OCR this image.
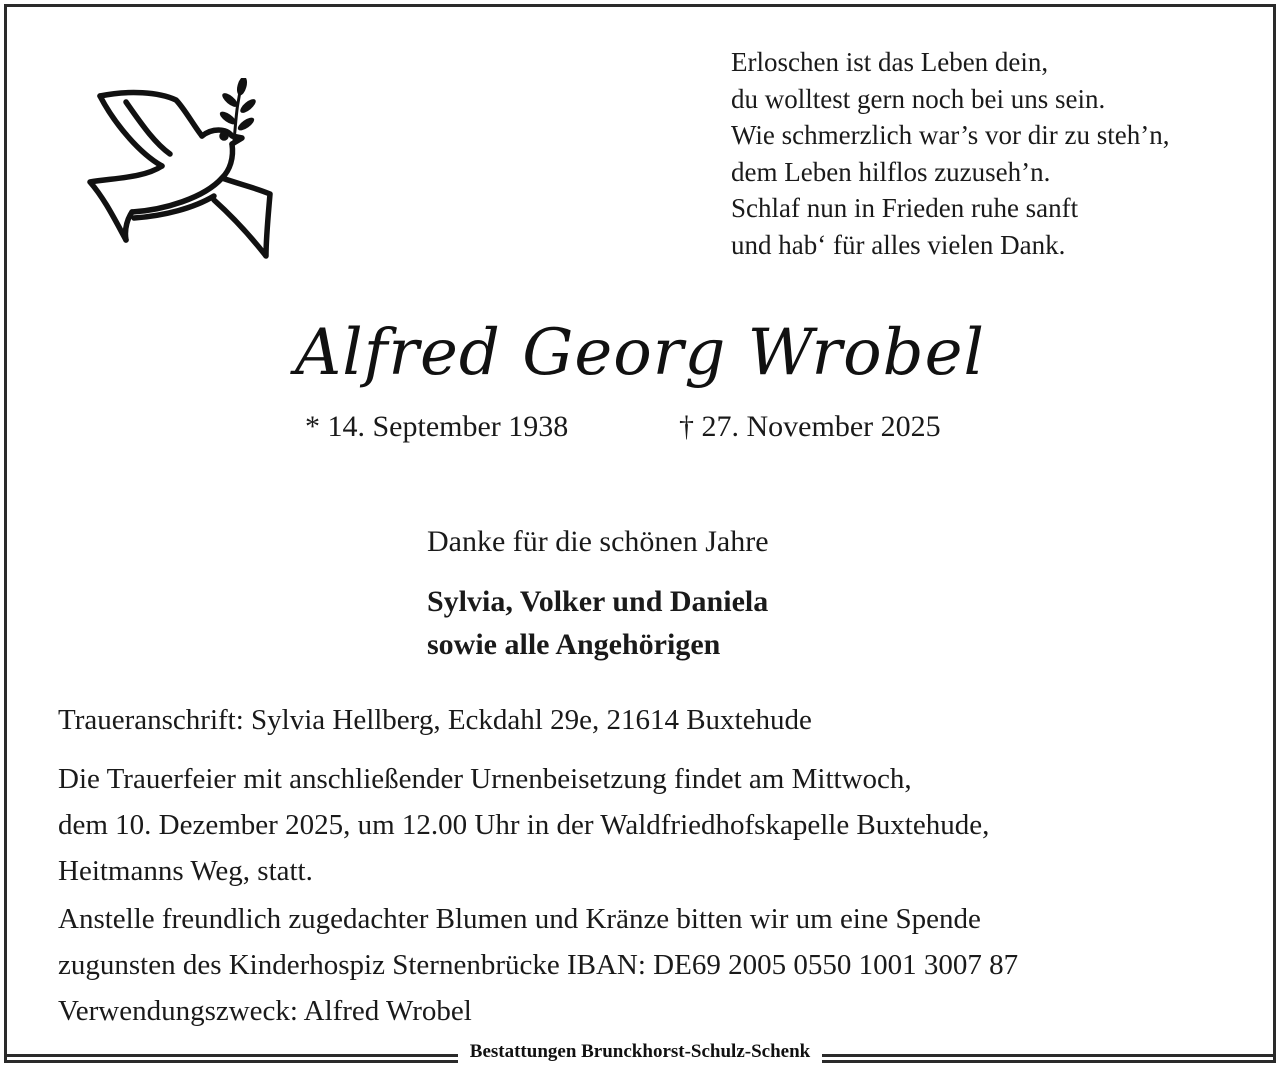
Erloschen ist das Leben dein,
du wolltest gern noch bei uns sein.
Wie schmerzlich war’s vor dir zu steh’n,
dem Leben hilflos zuzuseh’n.
Schlaf nun in Frieden ruhe sanft
und hab‘ für alles vielen Dank.
Alfred Georg Wrobel
* 14. September 1938	† 27. November 2025
Danke für die schönen Jahre
Sylvia, Volker und Daniela
sowie alle Angehörigen
Traueranschrift: Sylvia Hellberg, Eckdahl 29e, 21614 Buxtehude
Die Trauerfeier mit anschließender Urnenbeisetzung findet am Mittwoch,
dem 10. Dezember 2025, um 12.00 Uhr in der Waldfriedhofskapelle Buxtehude,
Heitmanns Weg, statt.
Anstelle freundlich zugedachter Blumen und Kränze bitten wir um eine Spende
zugunsten des Kinderhospiz Sternenbrücke IBAN: DE69 2005 0550 1001 3007 87
Verwendungszweck: Alfred Wrobel
Bestattungen Brunckhorst-Schulz-Schenk
